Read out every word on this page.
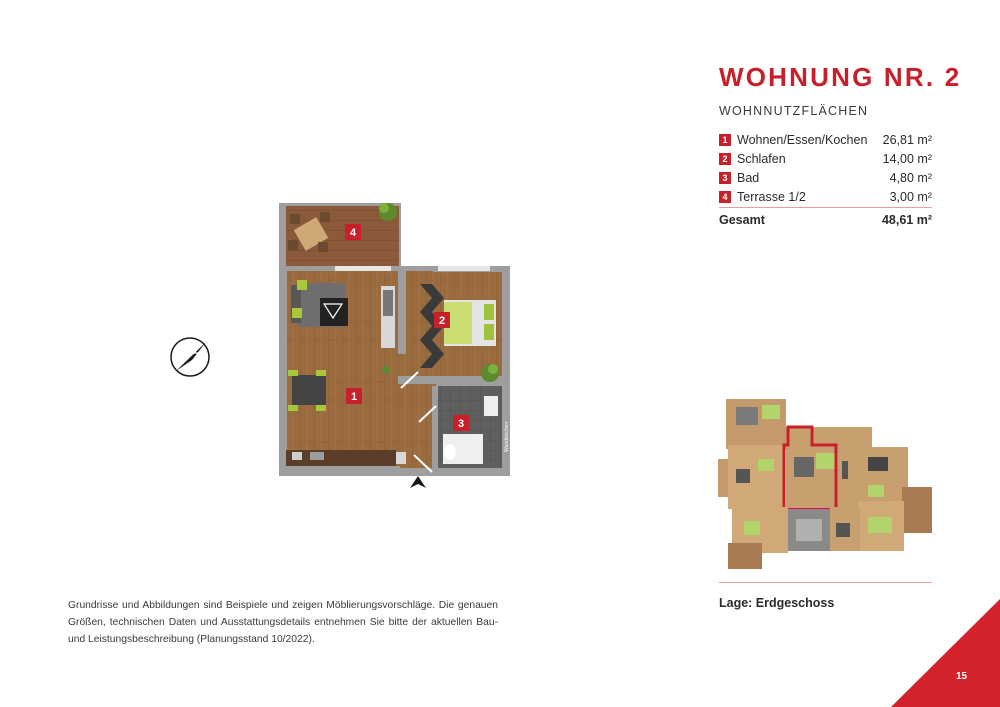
WOHNUNG NR. 2
WOHNNUTZFLÄCHEN
1 Wohnen/Essen/Kochen 26,81 m²
2 Schlafen	14,00 m²
3 Bad	4,80 m²
4 Terrasse 1/2	3,00 m²
Gesamt	48,61 m²
Lage: Erdgeschoss
Grundrisse und Abbildungen sind Beispiele und zeigen Möblierungsvorschläge. Die genauen Größen, technischen Daten und Ausstattungsdetails entnehmen Sie bitte der aktuellen Bau- und Leistungsbeschreibung (Planungsstand 10/2022).
15
4
2
1
3	Wandzeichen
